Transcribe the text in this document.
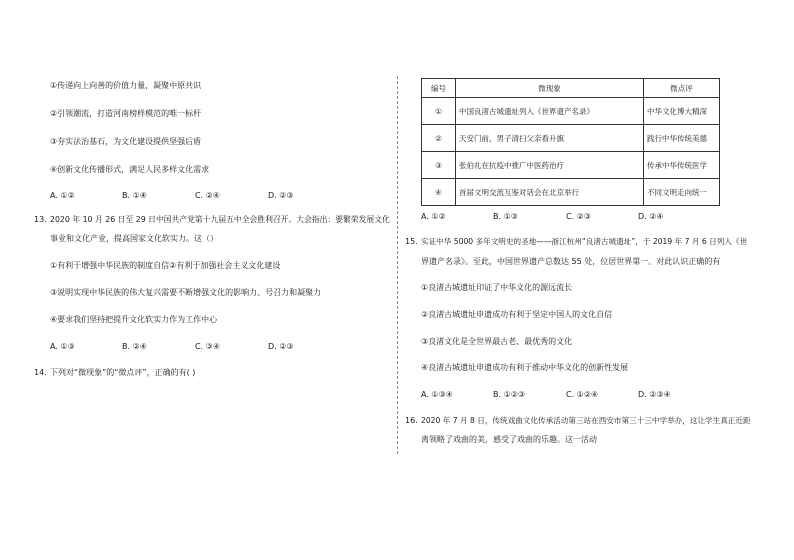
①传递向上向善的价值力量，凝聚中原共识
②引领潮流，打造河南榜样模范的唯一标杆
③夯实法治基石，为文化建设提供坚强后盾
④创新文化传播形式，满足人民多样文化需求
A. ①②	B. ①④	C. ②④	D. ②③
13. 2020 年 10 月 26 日至 29 日中国共产党第十九届五中全会胜利召开。大会指出：要繁荣发展文化
事业和文化产业，提高国家文化软实力。这（）
①有利于增强中华民族的制度自信②有利于加强社会主义文化建设
③说明实现中华民族的伟大复兴需要不断增强文化的影响力、号召力和凝聚力
④要求我们坚持把提升文化软实力作为工作中心
A. ①③	B. ②④	C. ③④	D. ②③
14. 下列对“微现象”的“微点评”，正确的有( )
编号	微现象	微点评
①	中国良渚古城遗址列入《世界遗产名录》	中华文化博大精深
②	天安门前，男子清扫父亲看升旗	践行中华传统美德
③	张伯礼在抗疫中推广中医药治疗	传承中华传统医学
④	首届文明交流互鉴对话会在北京举行	不同文明走向统一
A. ①②	B. ①③	C. ②③	D. ②④
15. 实证中华 5000 多年文明史的圣地——浙江杭州“良渚古城遗址”，于 2019 年 7 月 6 日列入《世
界遗产名录》。至此，中国世界遗产总数达 55 处，位居世界第一。对此认识正确的有
①良渚古城遗址印证了中华文化的源远流长
②良渚古城遗址申遗成功有利于坚定中国人的文化自信
③良渚文化是全世界最古老、最优秀的文化
④良渚古城遗址申遗成功有利于推动中华文化的创新性发展
A. ①③④	B. ①②③	C. ①②④	D. ②③④
16. 2020 年 7 月 8 日，传统戏曲文化传承活动第三站在西安市第三十三中学举办，这让学生真正近距
离领略了戏曲的美，感受了戏曲的乐趣。这一活动
